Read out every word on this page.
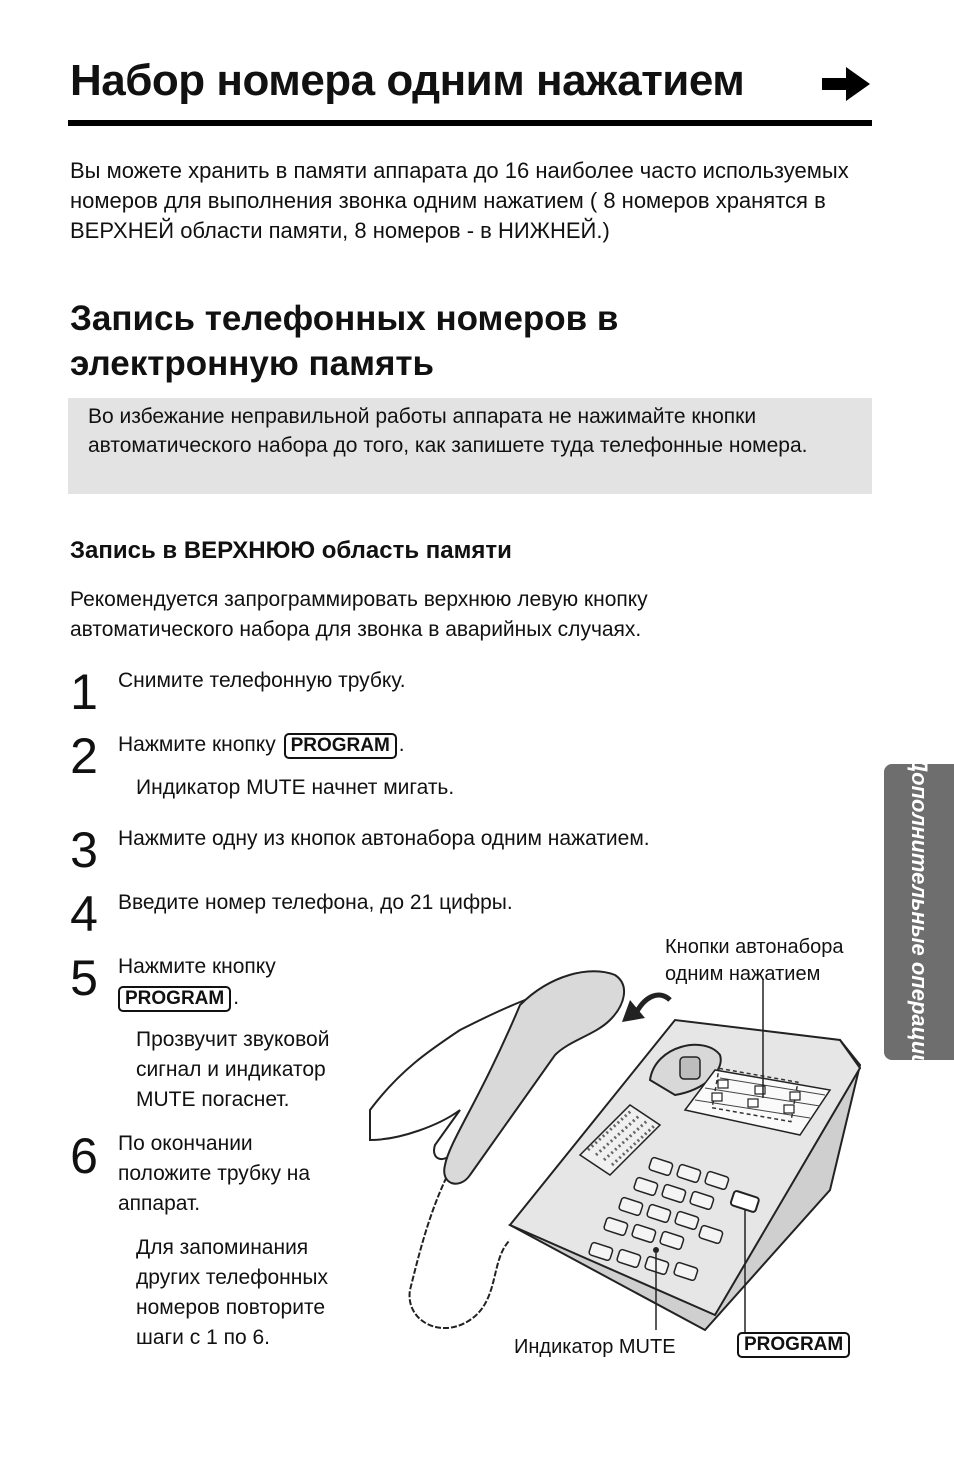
Набор номера одним нажатием
Вы можете хранить в памяти аппарата до 16 наиболее часто используемых номеров для выполнения звонка одним нажатием ( 8 номеров хранятся в ВЕРХНЕЙ области памяти, 8 номеров - в НИЖНЕЙ.)
Запись телефонных номеров в электронную память
Во избежание неправильной работы аппарата не нажимайте кнопки автоматического набора до того, как запишете туда телефонные номера.
Запись в ВЕРХНЮЮ область памяти
Рекомендуется запрограммировать верхнюю левую кнопку автоматического набора для звонка в аварийных случаях.
1 Снимите телефонную трубку.
2 Нажмите кнопку PROGRAM .
Индикатор MUTE начнет мигать.
3 Нажмите одну из кнопок автонабора одним нажатием.
4 Введите номер телефона, до 21 цифры.
5 Нажмите кнопку
PROGRAM .
Прозвучит звуковой
сигнал и индикатор
MUTE погаснет.
6 По окончании
положите трубку на
аппарат.
Для запоминания
других телефонных
номеров повторите
шаги с 1 по 6.
Дополнительные операции
Кнопки автонабора
одним нажатием
Индикатор MUTE	PROGRAM
